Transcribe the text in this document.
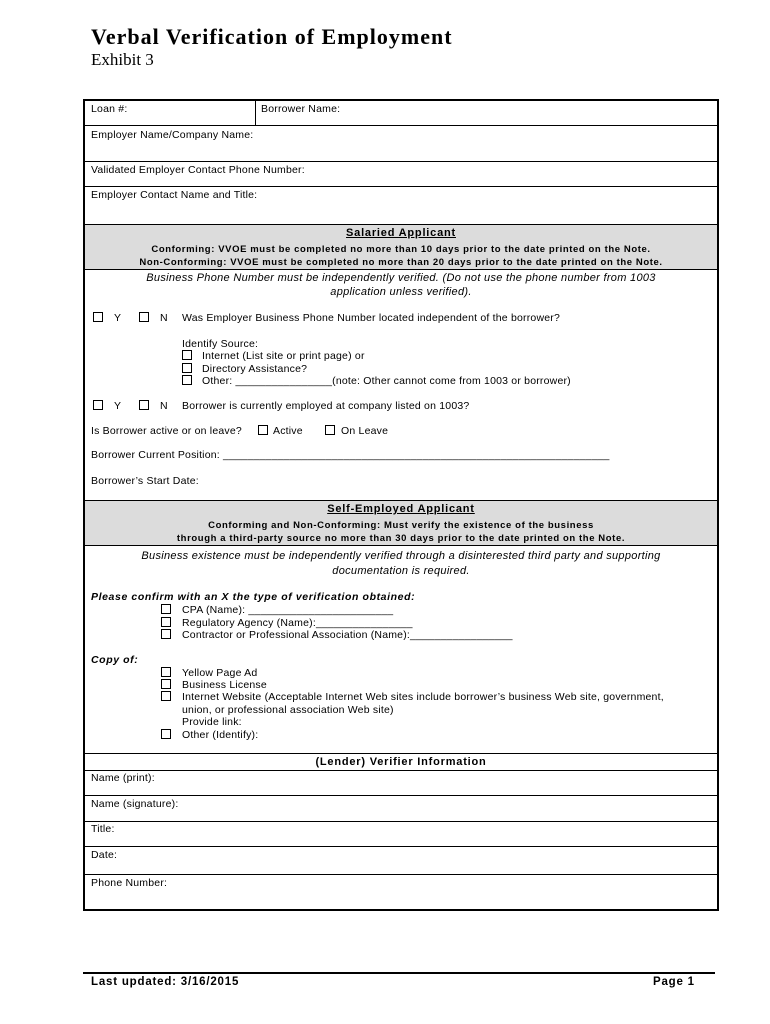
Verbal Verification of Employment
Exhibit 3
Loan #:	Borrower Name:
Employer Name/Company Name:
Validated Employer Contact Phone Number:
Employer Contact Name and Title:
Salaried Applicant
Conforming: VVOE must be completed no more than 10 days prior to the date printed on the Note.
Non-Conforming: VVOE must be completed no more than 20 days prior to the date printed on the Note.
Business Phone Number must be independently verified. (Do not use the phone number from 1003
application unless verified).
Y	N Was Employer Business Phone Number located independent of the borrower?
Identify Source:
Internet (List site or print page) or
Directory Assistance?
Other: ________________(note: Other cannot come from 1003 or borrower)
Y	N Borrower is currently employed at company listed on 1003?
Is Borrower active or on leave?	Active	On Leave
Borrower Current Position: ________________________________________________________________
Borrower’s Start Date:
Self-Employed Applicant
Conforming and Non-Conforming: Must verify the existence of the business
through a third-party source no more than 30 days prior to the date printed on the Note.
Business existence must be independently verified through a disinterested third party and supporting
documentation is required.
Please confirm with an X the type of verification obtained:
CPA (Name): ________________________
Regulatory Agency (Name):________________
Contractor or Professional Association (Name):_________________
Copy of:
Yellow Page Ad
Business License
Internet Website (Acceptable Internet Web sites include borrower’s business Web site, government,
union, or professional association Web site)
Provide link:
Other (Identify):
(Lender) Verifier Information
Name (print):
Name (signature):
Title:
Date:
Phone Number:
Last updated: 3/16/2015	Page 1
